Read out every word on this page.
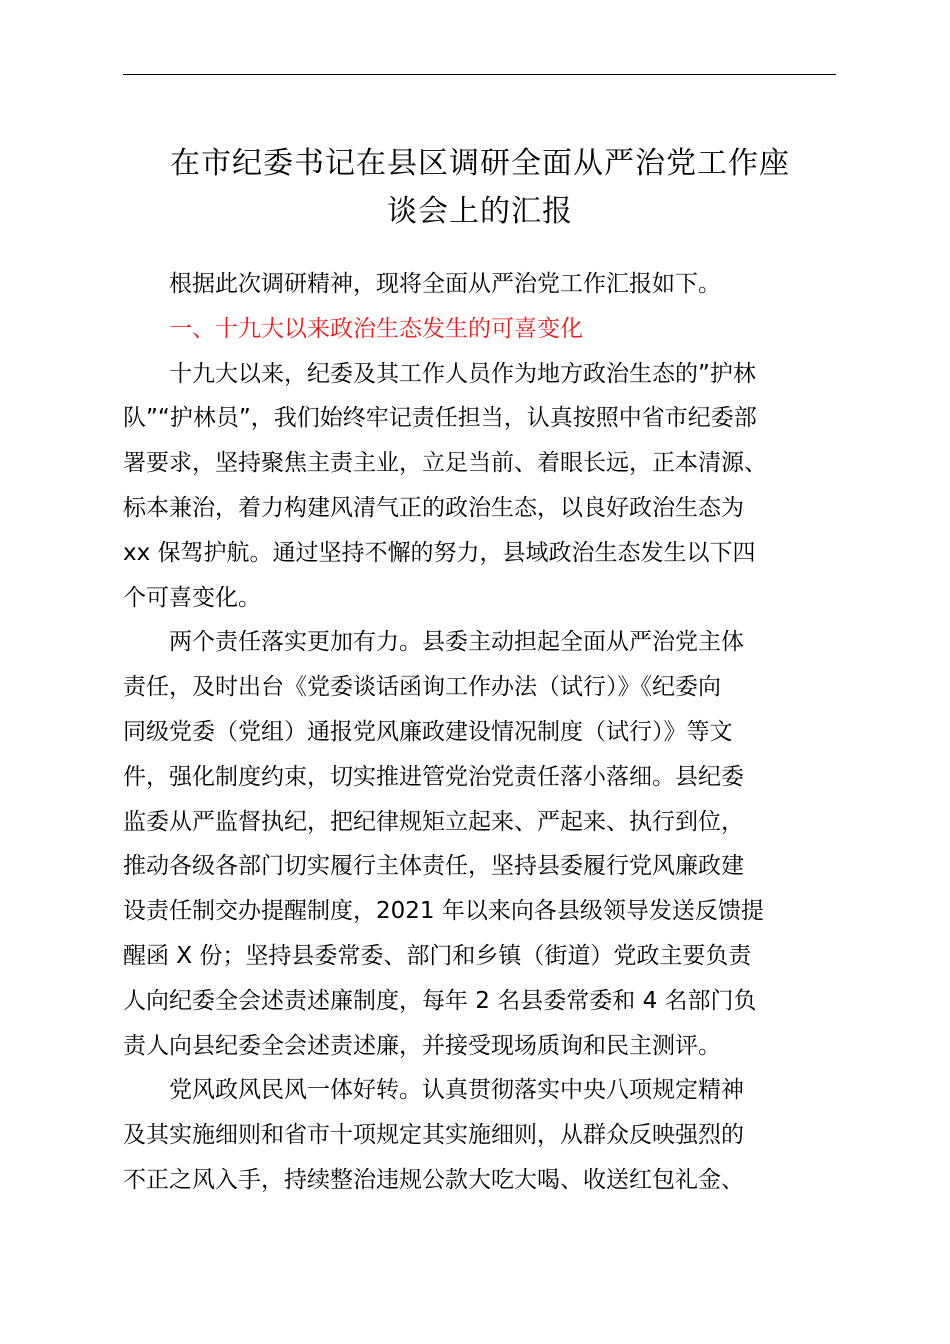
在市纪委书记在县区调研全面从严治党工作座
谈会上的汇报

根据此次调研精神，现将全面从严治党工作汇报如下。

一、十九大以来政治生态发生的可喜变化

十九大以来，纪委及其工作人员作为地方政治生态的”护林
队”“护林员”，我们始终牢记责任担当，认真按照中省市纪委部
署要求，坚持聚焦主责主业，立足当前、着眼长远，正本清源、
标本兼治，着力构建风清气正的政治生态，以良好政治生态为
xx 保驾护航。通过坚持不懈的努力，县域政治生态发生以下四
个可喜变化。

两个责任落实更加有力。县委主动担起全面从严治党主体
责任，及时出台《党委谈话函询工作办法（试行）》《纪委向
同级党委（党组）通报党风廉政建设情况制度（试行）》等文
件，强化制度约束，切实推进管党治党责任落小落细。县纪委
监委从严监督执纪，把纪律规矩立起来、严起来、执行到位，
推动各级各部门切实履行主体责任，坚持县委履行党风廉政建
设责任制交办提醒制度，2021 年以来向各县级领导发送反馈提
醒函 X 份；坚持县委常委、部门和乡镇（街道）党政主要负责
人向纪委全会述责述廉制度，每年 2 名县委常委和 4 名部门负
责人向县纪委全会述责述廉，并接受现场质询和民主测评。

党风政风民风一体好转。认真贯彻落实中央八项规定精神
及其实施细则和省市十项规定其实施细则，从群众反映强烈的
不正之风入手，持续整治违规公款大吃大喝、收送红包礼金、
